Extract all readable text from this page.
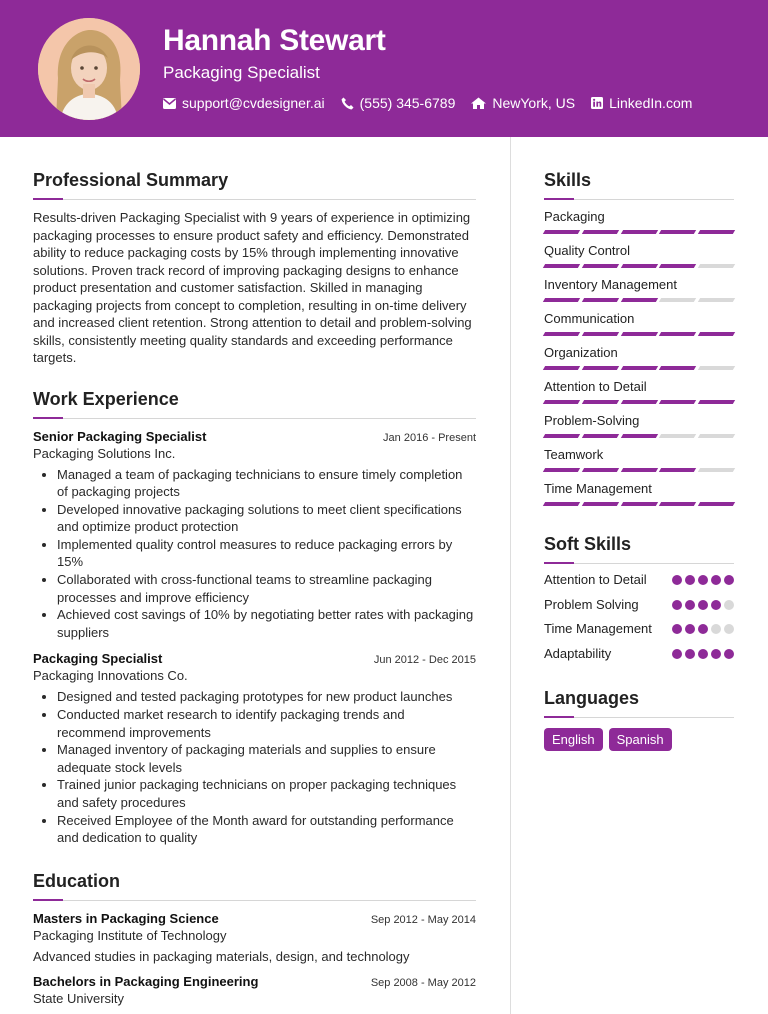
Hannah Stewart
Packaging Specialist
support@cvdesigner.ai	(555) 345-6789	NewYork, US LinkedIn.com
Professional Summary

Results-driven Packaging Specialist with 9 years of experience in optimizing packaging processes to ensure product safety and efficiency. Demonstrated ability to reduce packaging costs by 15% through implementing innovative solutions. Proven track record of improving packaging designs to enhance product presentation and customer satisfaction. Skilled in managing packaging projects from concept to completion, resulting in on-time delivery and increased client retention. Strong attention to detail and problem-solving skills, consistently meeting quality standards and exceeding performance targets.

Work Experience
Senior Packaging Specialist	Jan 2016 - Present
Packaging Solutions Inc.
• Managed a team of packaging technicians to ensure timely completion of packaging projects
• Developed innovative packaging solutions to meet client specifications and optimize product protection
• Implemented quality control measures to reduce packaging errors by 15%
• Collaborated with cross-functional teams to streamline packaging processes and improve efficiency
• Achieved cost savings of 10% by negotiating better rates with packaging suppliers
Packaging Specialist	Jun 2012 - Dec 2015
Packaging Innovations Co.
• Designed and tested packaging prototypes for new product launches
• Conducted market research to identify packaging trends and recommend improvements
• Managed inventory of packaging materials and supplies to ensure adequate stock levels
• Trained junior packaging technicians on proper packaging techniques and safety procedures
• Received Employee of the Month award for outstanding performance and dedication to quality
Education
Masters in Packaging Science	Sep 2012 - May 2014
Packaging Institute of Technology
Advanced studies in packaging materials, design, and technology
Bachelors in Packaging Engineering	Sep 2008 - May 2012
State University
Skills
Packaging
Quality Control
Inventory Management
Communication
Organization
Attention to Detail
Problem-Solving
Teamwork
Time Management
Soft Skills
Attention to Detail
Problem Solving
Time Management
Adaptability
Languages
English	Spanish
